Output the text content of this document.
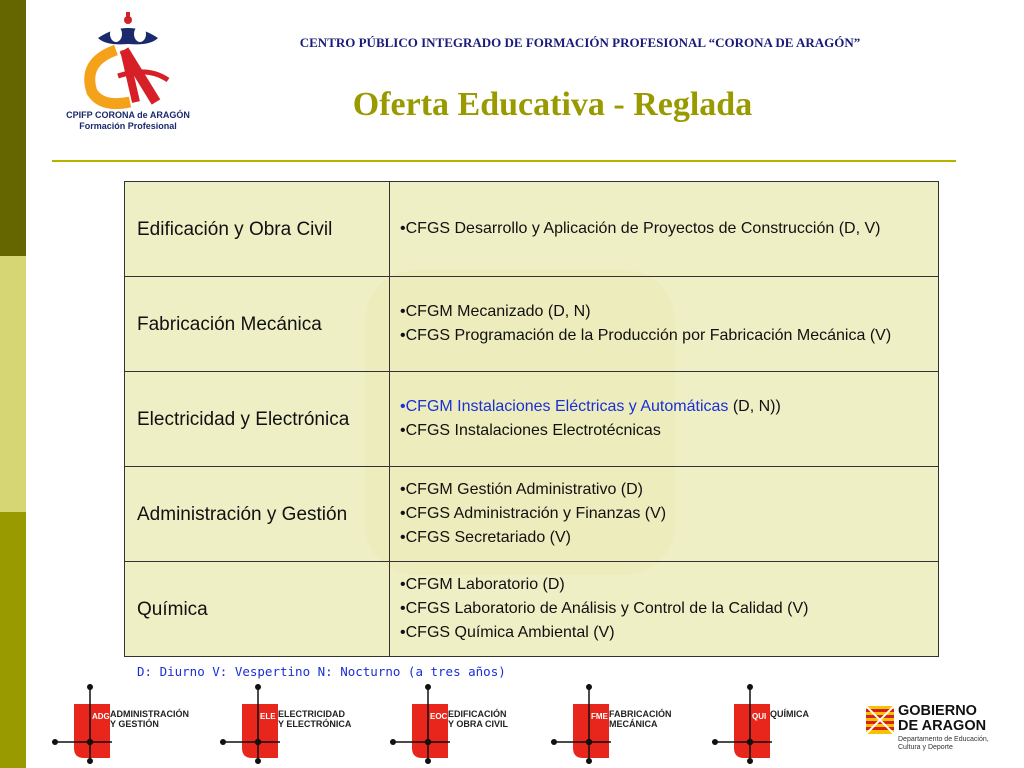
CPIFP CORONA de ARAGÓN
Formación Profesional
CENTRO PÚBLICO INTEGRADO DE FORMACIÓN PROFESIONAL “CORONA DE ARAGÓN”
Oferta Educativa - Reglada
Edificación y Obra Civil	•CFGS Desarrollo y Aplicación de Proyectos de Construcción (D, V)

Fabricación Mecánica	•CFGM Mecanizado (D, N)
•CFGS Programación de la Producción por Fabricación Mecánica (V)

Electricidad y Electrónica	•CFGM Instalaciones Eléctricas y Automáticas (D, N))
•CFGS Instalaciones Electrotécnicas

Administración y Gestión	•CFGM Gestión Administrativo (D)
•CFGS Administración y Finanzas (V)
•CFGS Secretariado (V)

Química	•CFGM Laboratorio (D)
•CFGS Laboratorio de Análisis y Control de la Calidad (V)
•CFGS Química Ambiental (V)
D: Diurno V: Vespertino N: Nocturno (a tres años)
ADG ADMINISTRACIÓN
Y GESTIÓN
ELE ELECTRICIDAD
Y ELECTRÓNICA
EOC EDIFICACIÓN
Y OBRA CIVIL
FME FABRICACIÓN
MECÁNICA
QUI QUÍMICA	GOBIERNO
DE ARAGON
Departamento de Educación,
Cultura y Deporte
